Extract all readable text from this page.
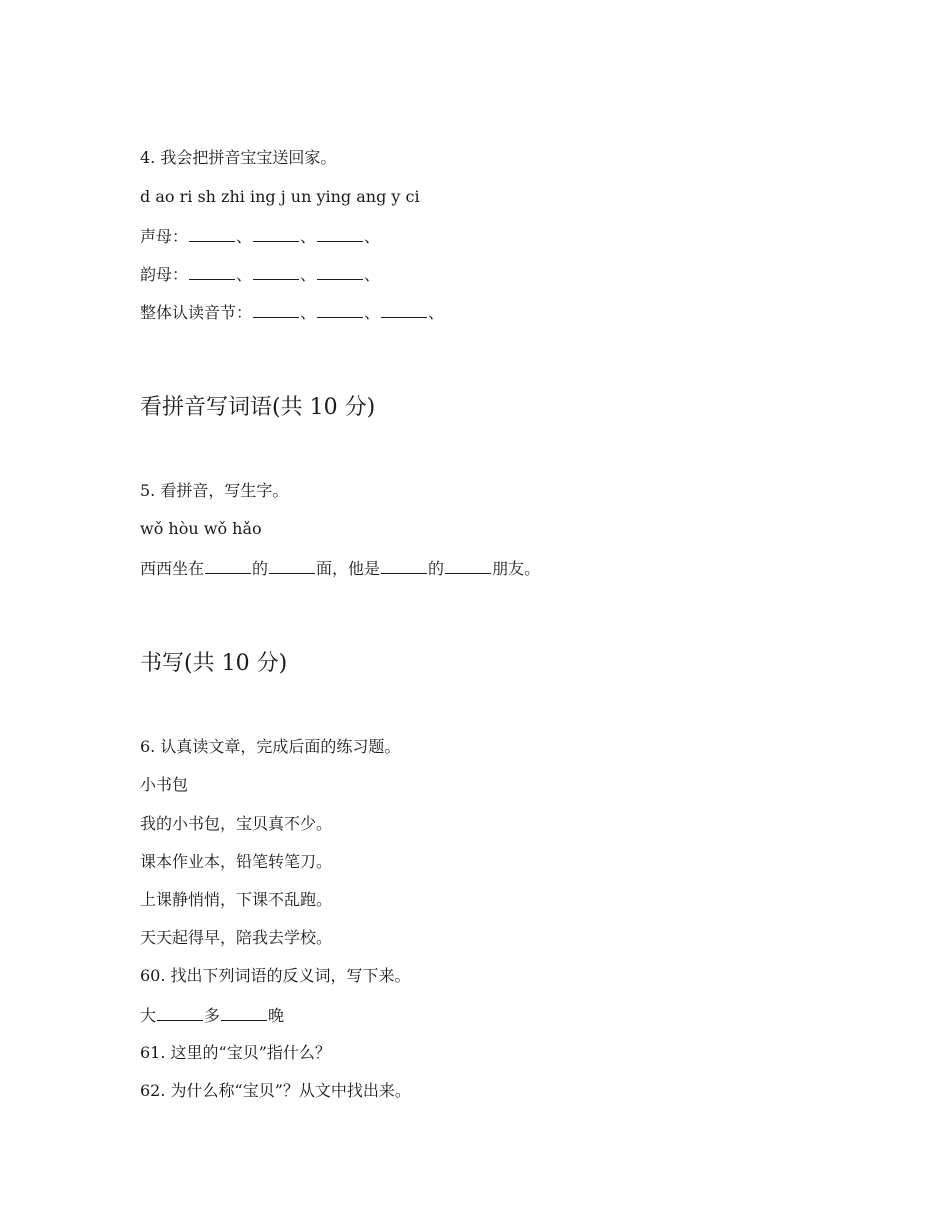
4. 我会把拼音宝宝送回家。
d ao ri sh zhi ing j un ying ang y ci
声母：	、	、	、
韵母：	、	、	、
整体认读音节：	、	、	、
看拼音写词语(共 10 分)
5. 看拼音，写生字。
wǒ hòu wǒ hǎo
西西坐在	的	面，他是	的	朋友。
书写(共 10 分)
6. 认真读文章，完成后面的练习题。
小书包
我的小书包，宝贝真不少。
课本作业本，铅笔转笔刀。
上课静悄悄，下课不乱跑。
天天起得早，陪我去学校。
60. 找出下列词语的反义词，写下来。
大	多	晚
61. 这里的“宝贝”指什么？
62. 为什么称“宝贝”？从文中找出来。
